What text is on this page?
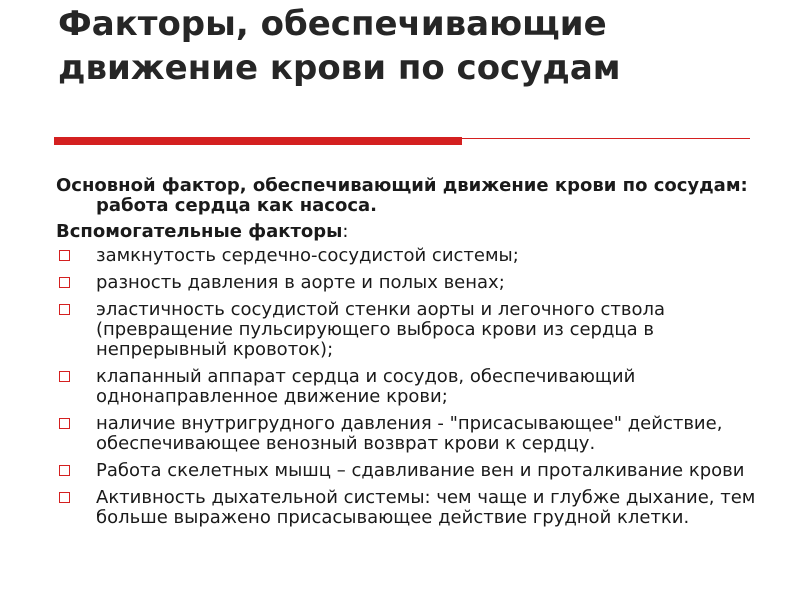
Факторы, обеспечивающие движение крови по сосудам

Основной фактор, обеспечивающий движение крови по сосудам: работа сердца как насоса.

Вспомогательные факторы:

замкнутость сердечно-сосудистой системы;
разность давления в аорте и полых венах;
эластичность сосудистой стенки аорты и легочного ствола (превращение пульсирующего выброса крови из сердца в непрерывный кровоток);
клапанный аппарат сердца и сосудов, обеспечивающий однонаправленное движение крови;
наличие внутригрудного давления - "присасывающее" действие, обеспечивающее венозный возврат крови к сердцу.
Работа скелетных мышц – сдавливание вен и проталкивание крови
Активность дыхательной системы: чем чаще и глубже дыхание, тем больше выражено присасывающее действие грудной клетки.
